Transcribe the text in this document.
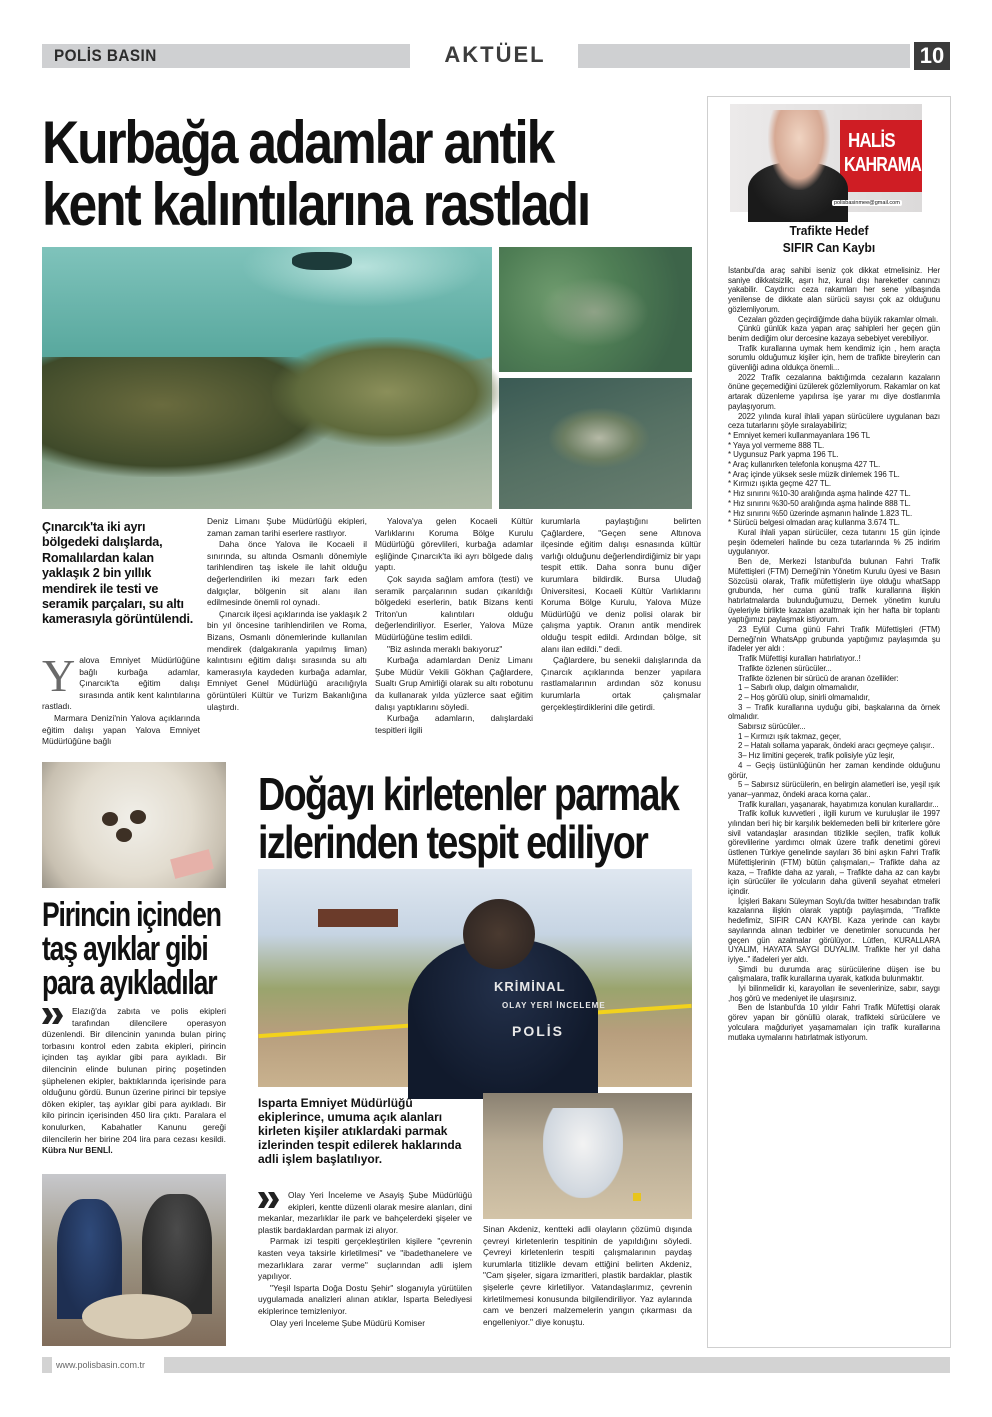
POLİS BASIN	AKTÜEL	10
Kurbağa adamlar antik
kent kalıntılarına rastladı
Çınarcık'ta iki ayrı bölgedeki dalışlarda, Romalılardan kalan yaklaşık 2 bin yıllık mendirek ile testi ve seramik parçaları, su altı kamerasıyla görüntülendi.
Y alova Emniyet Müdürlüğüne bağlı kurbağa adamlar, Çınarcık'ta eğitim dalışı sırasında antik kent kalıntılarına rastladı.

Marmara Denizi'nin Yalova açıklarında eğitim dalışı yapan Yalova Emniyet Müdürlüğüne bağlı

Deniz Limanı Şube Müdürlüğü ekipleri, zaman zaman tarihi eserlere rastlıyor.

Daha önce Yalova ile Kocaeli il sınırında, su altında Osmanlı dönemiyle tarihlendiren taş iskele ile lahit olduğu değerlendirilen iki mezarı fark eden dalgıçlar, bölgenin sit alanı ilan edilmesinde önemli rol oynadı.

Çınarcık ilçesi açıklarında ise yaklaşık 2 bin yıl öncesine tarihlendirilen ve Roma, Bizans, Osmanlı dönemlerinde kullanılan mendirek (dalgakıranla yapılmış liman) kalıntısını eğitim dalışı sırasında su altı kamerasıyla kaydeden kurbağa adamlar, Emniyet Genel Müdürlüğü aracılığıyla görüntüleri Kültür ve Turizm Bakanlığına ulaştırdı.

Yalova'ya gelen Kocaeli Kültür Varlıklarını Koruma Bölge Kurulu Müdürlüğü görevlileri, kurbağa adamlar eşliğinde Çınarcık'ta iki ayrı bölgede dalış yaptı.

Çok sayıda sağlam amfora (testi) ve seramik parçalarının sudan çıkarıldığı bölgedeki eserlerin, batık Bizans kenti Triton'un kalıntıları olduğu değerlendiriliyor. Eserler, Yalova Müze Müdürlüğüne teslim edildi.

"Biz aslında meraklı bakıyoruz"

Kurbağa adamlardan Deniz Limanı Şube Müdür Vekili Gökhan Çağlardere, Sualtı Grup Amirliği olarak su altı robotunu da kullanarak yılda yüzlerce saat eğitim dalışı yaptıklarını söyledi.

Kurbağa adamların, dalışlardaki tespitleri ilgili

kurumlarla paylaştığını belirten Çağlardere, "Geçen sene Altınova ilçesinde eğitim dalışı esnasında kültür varlığı olduğunu değerlendirdiğimiz bir yapı tespit ettik. Daha sonra bunu diğer kurumlara bildirdik. Bursa Uludağ Üniversitesi, Kocaeli Kültür Varlıklarını Koruma Bölge Kurulu, Yalova Müze Müdürlüğü ve deniz polisi olarak bir çalışma yaptık. Oranın antik mendirek olduğu tespit edildi. Ardından bölge, sit alanı ilan edildi." dedi.

Çağlardere, bu senekii dalışlarında da Çınarcık açıklarında benzer yapılara rastlamalarının ardından söz konusu kurumlarla ortak çalışmalar gerçekleştirdiklerini dile getirdi.

Pirincin içinden
taş ayıklar gibi
para ayıkladılar
Elazığ'da zabıta ve polis ekipleri tarafından dilencilere operasyon düzenlendi. Bir dilencinin yanında bulan pirinç torbasını kontrol eden zabıta ekipleri, pirincin içinden taş ayıklar gibi para ayıkladı. Bir dilencinin elinde bulunan pirinç poşetinden şüphelenen ekipler, baktıklarında içerisinde para olduğunu gördü. Bunun üzerine pirinci bir tepsiye döken ekipler, taş ayıklar gibi para ayıkladı. Bir kilo pirincin içerisinden 450 lira çıktı. Paralara el konulurken, Kabahatler Kanunu gereği dilencilerin her birine 204 lira para cezası kesildi. Kübra Nur BENLİ.
Doğayı kirletenler parmak
izlerinden tespit ediliyor
KRİMİNAL
OLAY YERİ İNCELEME
POLİS
Isparta Emniyet Müdürlüğü ekiplerince, umuma açık alanları kirleten kişiler atıklardaki parmak izlerinden tespit edilerek haklarında adli işlem başlatılıyor.
Olay Yeri İnceleme ve Asayiş Şube Müdürlüğü ekipleri, kentte düzenli olarak mesire alanları, dini mekanlar, mezarlıklar ile park ve bahçelerdeki şişeler ve plastik bardaklardan parmak izi alıyor.

Parmak izi tespiti gerçekleştirilen kişilere "çevrenin kasten veya taksirle kirletilmesi" ve "ibadethanelere ve mezarlıklara zarar verme" suçlarından adli işlem yapılıyor.

"Yeşil Isparta Doğa Dostu Şehir" sloganıyla yürütülen uygulamada analizleri alınan atıklar, Isparta Belediyesi ekiplerince temizleniyor.

Olay yeri İnceleme Şube Müdürü Komiser

Sinan Akdeniz, kentteki adli olayların çözümü dışında çevreyi kirletenlerin tespitinin de yapıldığını söyledi. Çevreyi kirletenlerin tespiti çalışmalarının paydaş kurumlarla titizlikle devam ettiğini belirten Akdeniz, "Cam şişeler, sigara izmaritleri, plastik bardaklar, plastik şişelerle çevre kirletiliyor. Vatandaşlarımız, çevrenin kirletilmemesi konusunda bilgilendiriliyor. Yaz aylarında cam ve benzeri malzemelerin yangın çıkarması da engelleniyor." diye konuştu.

HALİS
KAHRAMAN
polisbasinmee@gmail.com
Trafikte Hedef
SIFIR Can Kaybı

İstanbul'da araç sahibi iseniz çok dikkat etmelisiniz. Her saniye dikkatsizlik, aşırı hız, kural dışı hareketler canınızı yakabilir. Caydırıcı ceza rakamları her sene yılbaşında yenilense de dikkate alan sürücü sayısı çok az olduğunu gözlemliyorum.

Cezaları gözden geçirdiğimde daha büyük rakamlar olmalı.

Çünkü günlük kaza yapan araç sahipleri her geçen gün benim dediğim olur dercesine kazaya sebebiyet verebiliyor.

Trafik kurallarına uymak hem kendimiz için , hem araçta sorumlu olduğumuz kişiler için, hem de trafikte bireylerin can güvenliği adına oldukça önemli...

2022 Trafik cezalarına baktığımda cezaların kazaların önüne geçemediğini üzülerek gözlemliyorum. Rakamlar on kat artarak düzenleme yapılırsa işe yarar mı diye dostlarımla paylaşıyorum.

2022 yılında kural ihlali yapan sürücülere uygulanan bazı ceza tutarlarını şöyle sıralayabiliriz;

* Emniyet kemeri kullanmayanlara 196 TL

* Yaya yol vermeme 888 TL.

* Uygunsuz Park yapma 196 TL.

* Araç kullanırken telefonla konuşma 427 TL.

* Araç içinde yüksek sesle müzik dinlemek 196 TL.

* Kırmızı ışıkta geçme 427 TL.

* Hız sınırını %10-30 aralığında aşma halinde 427 TL.

* Hız sınırını %30-50 aralığında aşma halinde 888 TL.

* Hız sınırını %50 üzerinde aşmanın halinde 1.823 TL.

* Sürücü belgesi olmadan araç kullanma 3.674 TL.

Kural ihlali yapan sürücüler, ceza tutarını 15 gün içinde peşin ödemeleri halinde bu ceza tutarlarında % 25 indirim uygulanıyor.

Ben de, Merkezi İstanbul'da bulunan Fahri Trafik Müfettişleri (FTM) Derneği'nin Yönetim Kurulu üyesi ve Basın Sözcüsü olarak, Trafik müfettişlerin üye olduğu whatSapp grubunda, her cuma günü trafik kurallarına ilişkin hatırlatmalarda bulunduğumuzu, Dernek yönetim kurulu üyeleriyle birlikte kazaları azaltmak için her hafta bir toplantı yaptığımızı paylaşmak istiyorum.

23 Eylül Cuma günü Fahri Trafik Müfettişleri (FTM) Derneği'nin WhatsApp grubunda yaptığımız paylaşımda şu ifadeler yer aldı :

Trafik Müfettişi kuralları hatırlatıyor..!

Trafikte özlenen sürücüler...

Trafikte özlenen bir sürücü de aranan özellikler:

1 – Sabırlı olup, dalgın olmamalıdır,

2 – Hoş görülü olup, sinirli olmamalıdır,

3 – Trafik kurallarına uyduğu gibi, başkalarına da örnek olmalıdır.

Sabırsız sürücüler...

1 – Kırmızı ışık takmaz, geçer,

2 – Hatalı sollama yaparak, öndeki aracı geçmeye çalışır..

3– Hız limitini geçerek, trafik polisiyle yüz leşir,

4 – Geçiş üstünlüğünün her zaman kendinde olduğunu görür,

5 – Sabırsız sürücülerin, en belirgin alametleri ise, yeşil ışık yanar–yanmaz, öndeki araca korna çalar..

Trafik kuralları, yaşanarak, hayatımıza konulan kurallardır...

Trafik kolluk kuvvetleri , ilgili kurum ve kuruluşlar ile 1997 yılından beri hiç bir karşılık beklemeden belli bir kriterlere göre sivil vatandaşlar arasından titizlikle seçilen, trafik kolluk görevlilerine yardımcı olmak üzere trafik denetimi görevi üstlenen Türkiye genelinde sayıları 36 bini aşkın Fahri Trafik Müfettişlerinin (FTM) bütün çalışmaları,– Trafikte daha az kaza, – Trafikte daha az yaralı, – Trafikte daha az can kaybı için sürücüler ile yolcuların daha güvenli seyahat etmeleri içindir.

İçişleri Bakanı Süleyman Soylu'da twitter hesabından trafik kazalarına ilişkin olarak yaptığı paylaşımda, "Trafikte hedefimiz, SIFIR CAN KAYBI. Kaza yerinde can kaybı sayılarında alınan tedbirler ve denetimler sonucunda her geçen gün azalmalar görülüyor.. Lütfen, KURALLARA UYALIM, HAYATA SAYGI DUYALIM. Trafikte her yıl daha iyiye.." ifadeleri yer aldı.

Şimdi bu durumda araç sürücülerine düşen ise bu çalışmalara, trafik kurallarına uyarak, katkıda bulunmaktır.

İyi bilinmelidir ki, karayolları ile sevenlerinize, sabır, saygı ,hoş görü ve medeniyet ile ulaşırsınız.

Ben de İstanbul'da 10 yıldır Fahri Trafik Müfettişi olarak görev yapan bir gönüllü olarak, trafikteki sürücülere ve yolculara mağduriyet yaşamamaları için trafik kurallarına mutlaka uymalarını hatırlatmak istiyorum.

www.polisbasin.com.tr
